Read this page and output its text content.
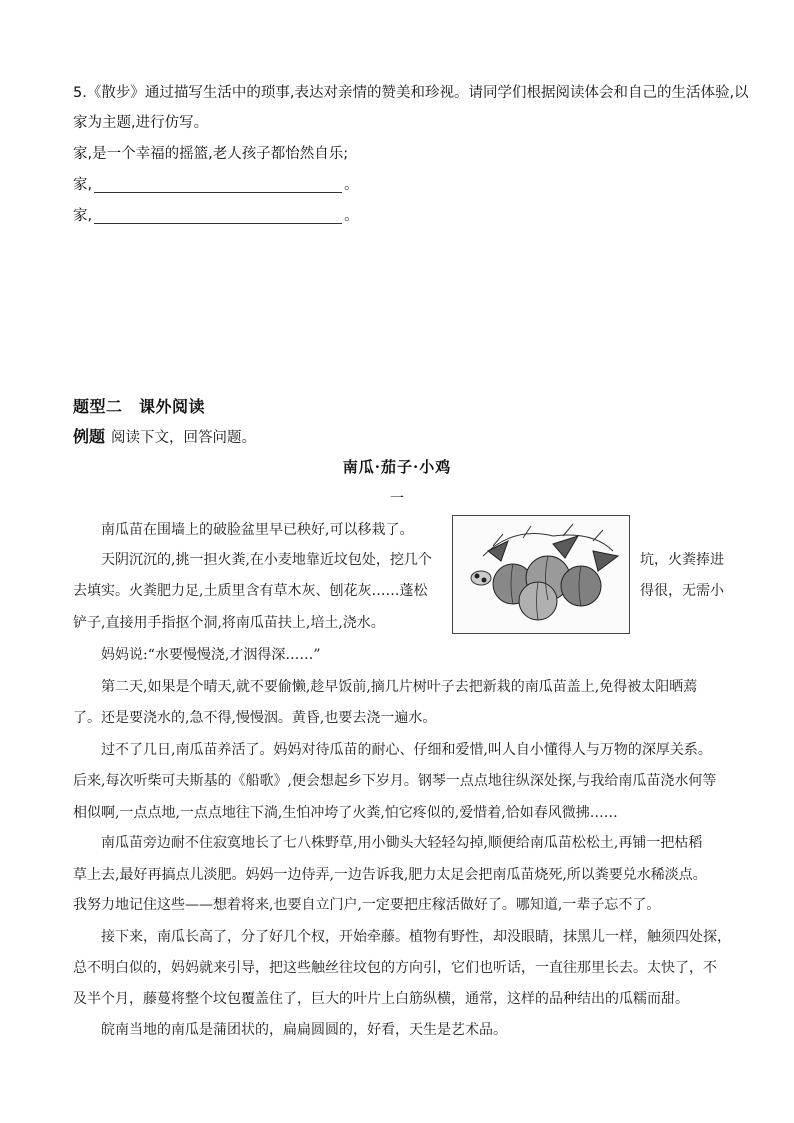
5.《散步》通过描写生活中的琐事,表达对亲情的赞美和珍视。请同学们根据阅读体会和自己的生活体验,以
家为主题,进行仿写。
家,是一个幸福的摇篮,老人孩子都怡然自乐;
家,	。
家,	。
题型二　课外阅读
例题 阅读下文，回答问题。
南瓜·茄子·小鸡
一
南瓜苗在围墙上的破脸盆里早已秧好,可以移栽了。
天阴沉沉的,挑一担火粪,在小麦地靠近坟包处，挖几个	坑，火粪捧进
去填实。火粪肥力足,土质里含有草木灰、刨花灰……蓬松	得很，无需小
铲子,直接用手指抠个洞,将南瓜苗扶上,培土,浇水。
妈妈说:“水要慢慢浇,才洇得深……”
第二天,如果是个晴天,就不要偷懒,趁早饭前,摘几片树叶子去把新栽的南瓜苗盖上,免得被太阳晒蔫
了。还是要浇水的,急不得,慢慢洇。黄昏,也要去浇一遍水。
过不了几日,南瓜苗养活了。妈妈对待瓜苗的耐心、仔细和爱惜,叫人自小懂得人与万物的深厚关系。
后来,每次听柴可夫斯基的《船歌》,便会想起乡下岁月。钢琴一点点地往纵深处探,与我给南瓜苗浇水何等
相似啊,一点点地,一点点地往下淌,生怕冲垮了火粪,怕它疼似的,爱惜着,恰如春风微拂……
南瓜苗旁边耐不住寂寞地长了七八株野草,用小锄头大轻轻勾掉,顺便给南瓜苗松松土,再铺一把枯稻
草上去,最好再搞点儿淡肥。妈妈一边侍弄,一边告诉我,肥力太足会把南瓜苗烧死,所以粪要兑水稀淡点。
我努力地记住这些——想着将来,也要自立门户,一定要把庄稼活做好了。哪知道,一辈子忘不了。
接下来，南瓜长高了，分了好几个杈，开始牵藤。植物有野性，却没眼睛，抹黑儿一样，触须四处探，
总不明白似的，妈妈就来引导，把这些触丝往坟包的方向引，它们也听话，一直往那里长去。太快了，不
及半个月，藤蔓将整个坟包覆盖住了，巨大的叶片上白筋纵横，通常，这样的品种结出的瓜糯而甜。
皖南当地的南瓜是蒲团状的，扁扁圆圆的，好看，天生是艺术品。
